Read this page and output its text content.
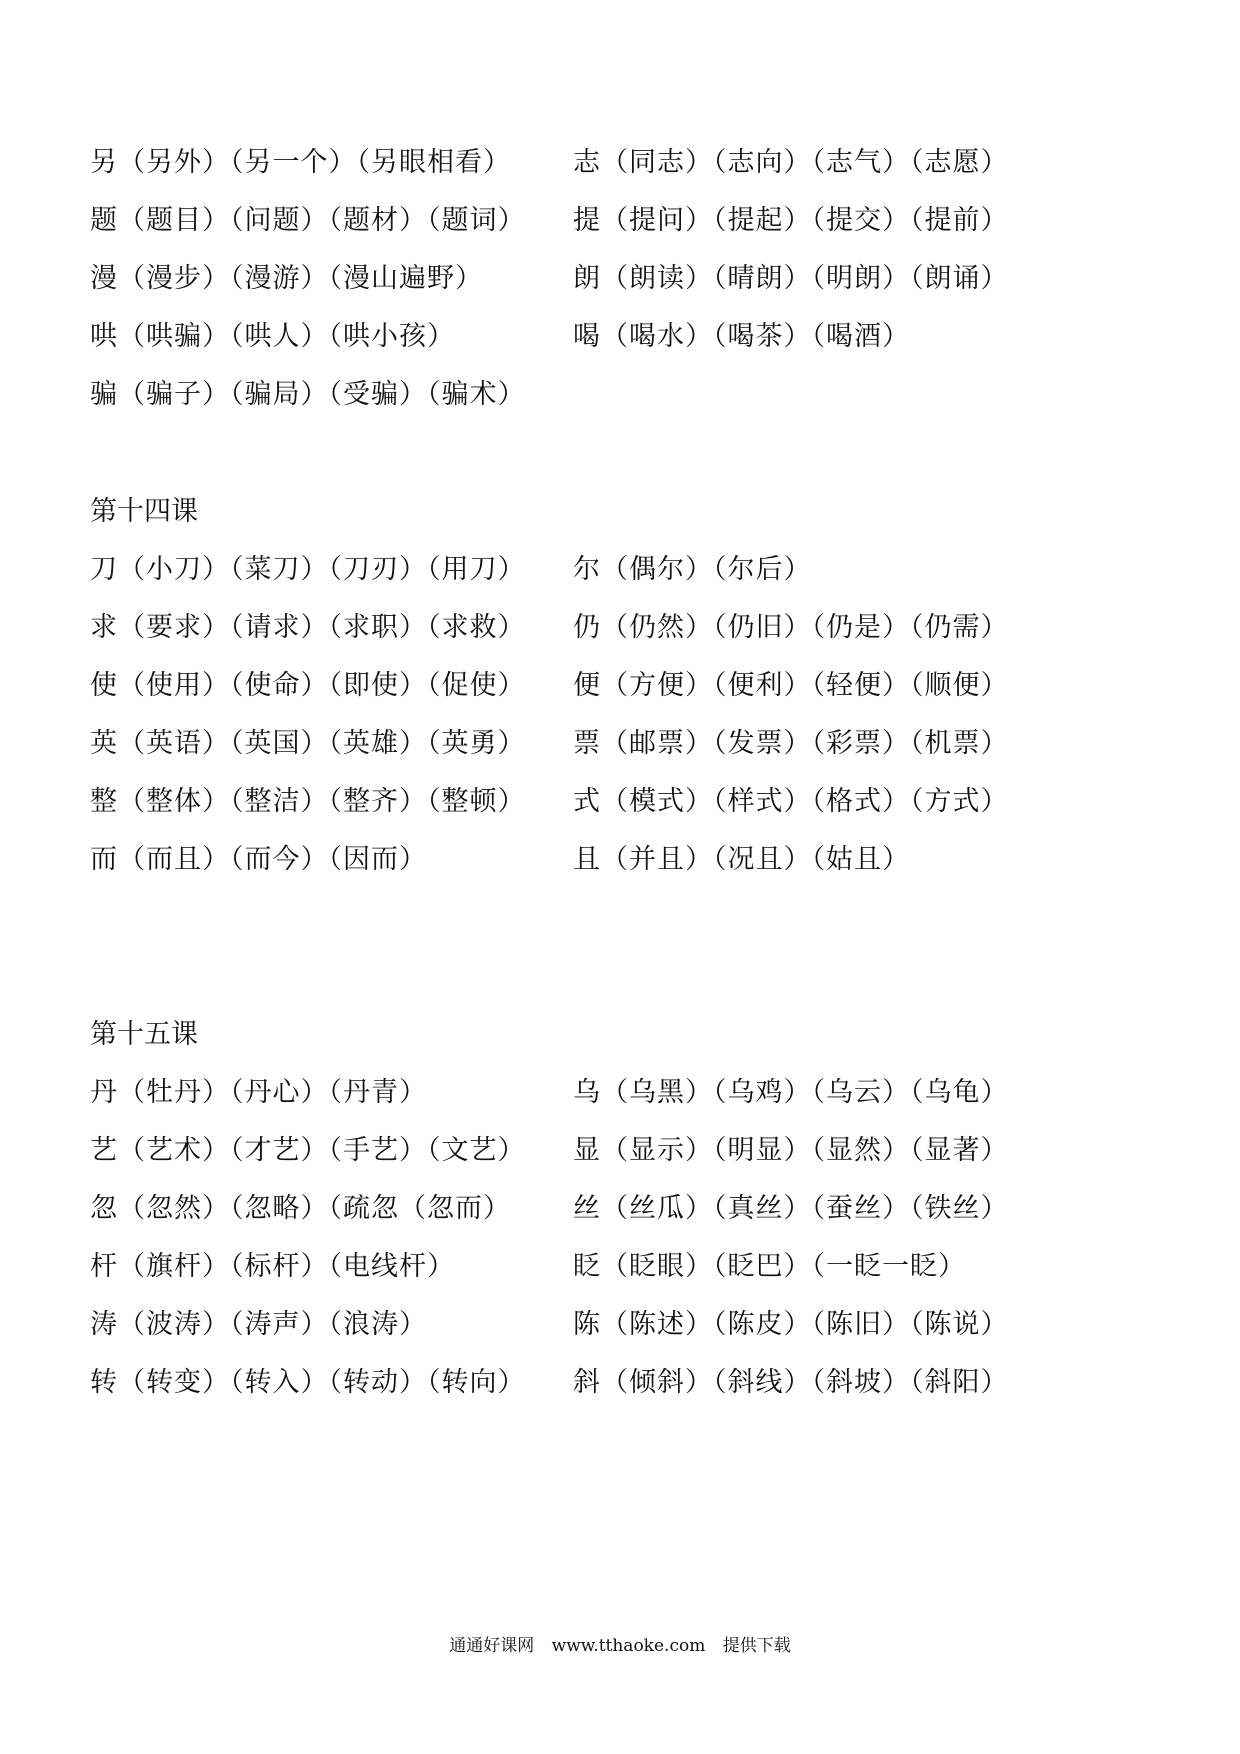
另（另外）（另一个）（另眼相看） 志（同志）（志向）（志气）（志愿）
题（题目）（问题）（题材）（题词） 提（提问）（提起）（提交）（提前）
漫（漫步）（漫游）（漫山遍野）	朗（朗读）（晴朗）（明朗）（朗诵）
哄（哄骗）（哄人）（哄小孩）	喝（喝水）（喝茶）（喝酒）
骗（骗子）（骗局）（受骗）（骗术）
第十四课
刀（小刀）（菜刀）（刀刃）（用刀） 尔（偶尔）（尔后）
求（要求）（请求）（求职）（求救） 仍（仍然）（仍旧）（仍是）（仍需）
使（使用）（使命）（即使）（促使） 便（方便）（便利）（轻便）（顺便）
英（英语）（英国）（英雄）（英勇） 票（邮票）（发票）（彩票）（机票）
整（整体）（整洁）（整齐）（整顿） 式（模式）（样式）（格式）（方式）
而（而且）（而今）（因而）	且（并且）（况且）（姑且）
第十五课
丹（牡丹）（丹心）（丹青）	乌（乌黑）（乌鸡）（乌云）（乌龟）
艺（艺术）（才艺）（手艺）（文艺） 显（显示）（明显）（显然）（显著）
忽（忽然）（忽略）（疏忽（忽而） 丝（丝瓜）（真丝）（蚕丝）（铁丝）
杆（旗杆）（标杆）（电线杆）	眨（眨眼）（眨巴）（一眨一眨）
涛（波涛）（涛声）（浪涛）	陈（陈述）（陈皮）（陈旧）（陈说）
转（转变）（转入）（转动）（转向） 斜（倾斜）（斜线）（斜坡）（斜阳）
通通好课网 www.tthaoke.com 提供下载
